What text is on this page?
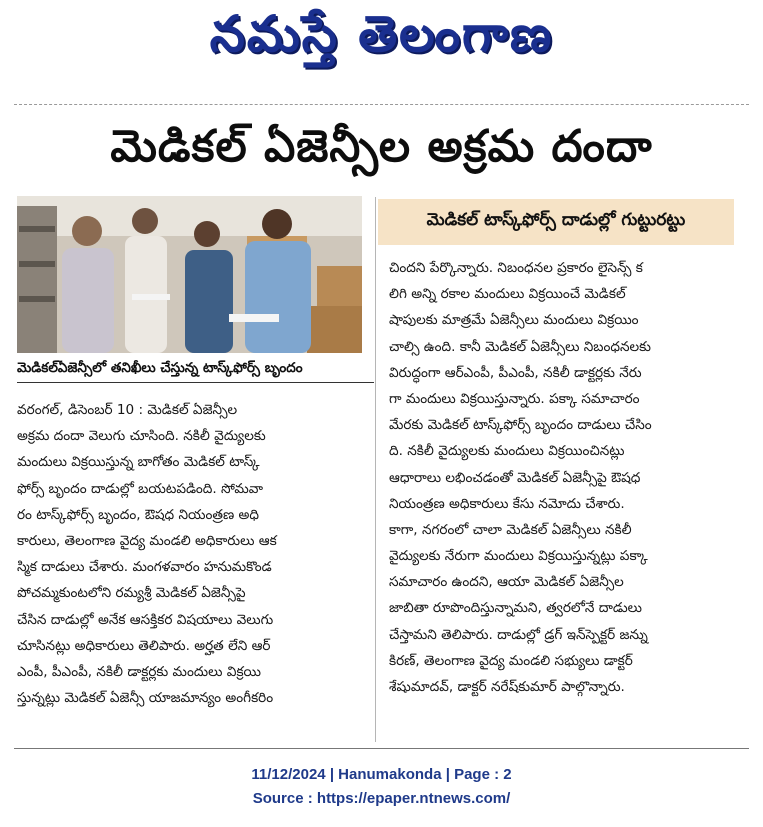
నమస్తే తెలంగాణ
మెడికల్ ఏజెన్సీల అక్రమ దందా
మెడికల్‌ఏజెన్సీలో తనిఖీలు చేస్తున్న టాస్క్‌ఫోర్స్ బృందం
మెడికల్ టాస్క్‌ఫోర్స్ దాడుల్లో గుట్టురట్టు
వరంగల్, డిసెంబర్ 10 : మెడికల్ ఏజెన్సీల
అక్రమ దందా వెలుగు చూసింది. నకిలీ వైద్యులకు
మందులు విక్రయిస్తున్న బాగోతం మెడికల్ టాస్క్
ఫోర్స్ బృందం దాడుల్లో బయటపడింది. సోమవా
రం టాస్క్‌ఫోర్స్ బృందం, ఔషధ నియంత్రణ అధి
కారులు, తెలంగాణ వైద్య మండలి అధికారులు ఆక
స్మిక దాడులు చేశారు. మంగళవారం హనుమకొండ
పోచమ్మకుంటలోని రమ్యశ్రీ మెడికల్ ఏజెన్సీపై
చేసిన దాడుల్లో అనేక ఆసక్తికర విషయాలు వెలుగు
చూసినట్లు అధికారులు తెలిపారు. అర్హత లేని ఆర్
ఎంపీ, పీఎంపీ, నకిలీ డాక్టర్లకు మందులు విక్రయి
స్తున్నట్లు మెడికల్ ఏజెన్సీ యాజమాన్యం అంగీకరిం
చిందని పేర్కొన్నారు. నిబంధనల ప్రకారం లైసెన్స్ క
లిగి అన్ని రకాల మందులు విక్రయించే మెడికల్
షాపులకు మాత్రమే ఏజెన్సీలు మందులు విక్రయిం
చాల్సి ఉంది. కానీ మెడికల్ ఏజెన్సీలు నిబంధనలకు
విరుద్ధంగా ఆర్‌ఎంపీ, పీఎంపీ, నకిలీ డాక్టర్లకు నేరు
గా మందులు విక్రయిస్తున్నారు. పక్కా సమాచారం
మేరకు మెడికల్ టాస్క్‌ఫోర్స్ బృందం దాడులు చేసిం
ది. నకిలీ వైద్యులకు మందులు విక్రయించినట్లు
ఆధారాలు లభించడంతో మెడికల్ ఏజెన్సీపై ఔషధ
నియంత్రణ అధికారులు కేసు నమోదు చేశారు.
కాగా, నగరంలో చాలా మెడికల్ ఏజెన్సీలు నకిలీ
వైద్యులకు నేరుగా మందులు విక్రయిస్తున్నట్లు పక్కా
సమాచారం ఉందని, ఆయా మెడికల్ ఏజెన్సీల
జాబితా రూపొందిస్తున్నామని, త్వరలోనే దాడులు
చేస్తామని తెలిపారు. దాడుల్లో డ్రగ్ ఇన్‌స్పెక్టర్ జన్ను
కిరణ్, తెలంగాణ వైద్య మండలి సభ్యులు డాక్టర్
శేషుమాదవ్, డాక్టర్ నరేష్‌కుమార్ పాల్గొన్నారు.
11/12/2024 | Hanumakonda | Page : 2
Source : https://epaper.ntnews.com/
